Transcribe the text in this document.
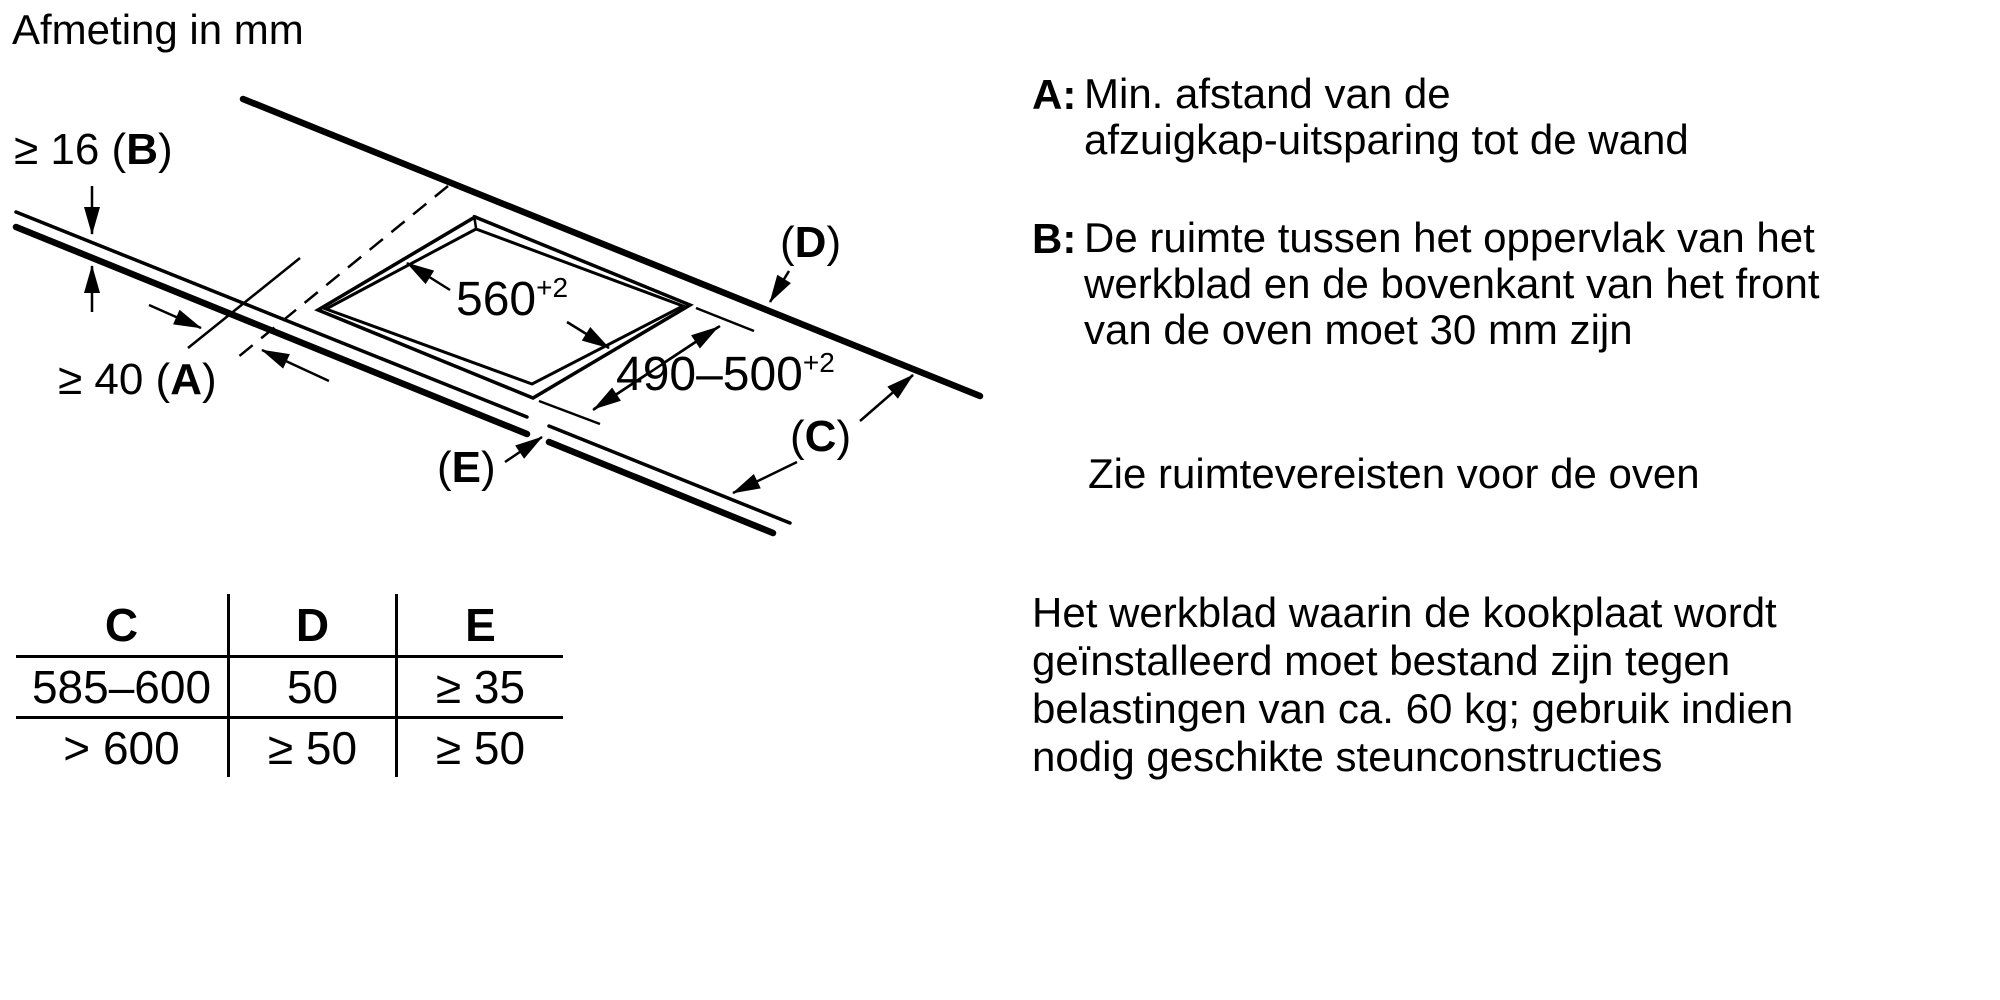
Afmeting in mm
≥ 16 (B)
≥ 40 (A)
$560^{+2}$
$490-500^{+2}$
(D)
(C)
(E)
C	D	E
585–600	50	≥ 35
> 600	≥ 50	≥ 50
A: Min. afstand van de
afzuigkap-uitsparing tot de wand
B: De ruimte tussen het oppervlak van het
werkblad en de bovenkant van het front
van de oven moet 30 mm zijn
Zie ruimtevereisten voor de oven
Het werkblad waarin de kookplaat wordt
geïnstalleerd moet bestand zijn tegen
belastingen van ca. 60 kg; gebruik indien
nodig geschikte steunconstructies
